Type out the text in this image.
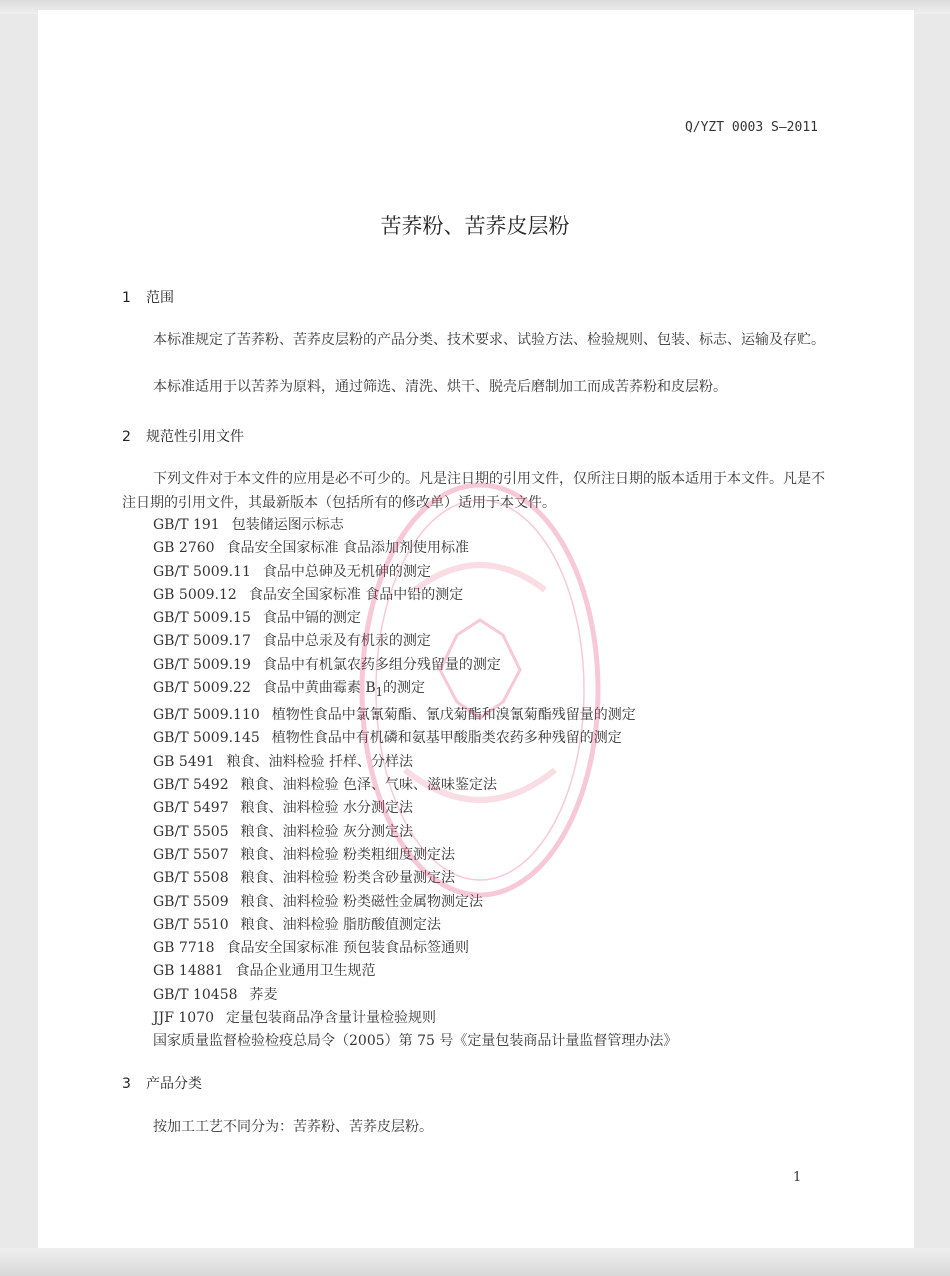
Q/YZT 0003 S—2011
苦荞粉、苦荞皮层粉
1 范围
本标准规定了苦荞粉、苦荞皮层粉的产品分类、技术要求、试验方法、检验规则、包装、标志、运输及存贮。
本标准适用于以苦荞为原料，通过筛选、清洗、烘干、脱壳后磨制加工而成苦荞粉和皮层粉。
2 规范性引用文件
下列文件对于本文件的应用是必不可少的。凡是注日期的引用文件，仅所注日期的版本适用于本文件。凡是不注日期的引用文件，其最新版本（包括所有的修改单）适用于本文件。
GB/T 191 包装储运图示标志
GB 2760 食品安全国家标准 食品添加剂使用标准
GB/T 5009.11 食品中总砷及无机砷的测定
GB 5009.12 食品安全国家标准 食品中铅的测定
GB/T 5009.15 食品中镉的测定
GB/T 5009.17 食品中总汞及有机汞的测定
GB/T 5009.19 食品中有机氯农药多组分残留量的测定
GB/T 5009.22 食品中黄曲霉素 $B_1$的测定
GB/T 5009.110 植物性食品中氯氰菊酯、氰戊菊酯和溴氰菊酯残留量的测定
GB/T 5009.145 植物性食品中有机磷和氨基甲酸脂类农药多种残留的测定
GB 5491 粮食、油料检验 扦样、分样法
GB/T 5492 粮食、油料检验 色泽、气味、滋味鉴定法
GB/T 5497 粮食、油料检验 水分测定法
GB/T 5505 粮食、油料检验 灰分测定法
GB/T 5507 粮食、油料检验 粉类粗细度测定法
GB/T 5508 粮食、油料检验 粉类含砂量测定法
GB/T 5509 粮食、油料检验 粉类磁性金属物测定法
GB/T 5510 粮食、油料检验 脂肪酸值测定法
GB 7718 食品安全国家标准 预包装食品标签通则
GB 14881 食品企业通用卫生规范
GB/T 10458 荞麦
JJF 1070 定量包装商品净含量计量检验规则
国家质量监督检验检疫总局令（2005）第 75 号《定量包装商品计量监督管理办法》
3 产品分类
按加工工艺不同分为：苦荞粉、苦荞皮层粉。
1
